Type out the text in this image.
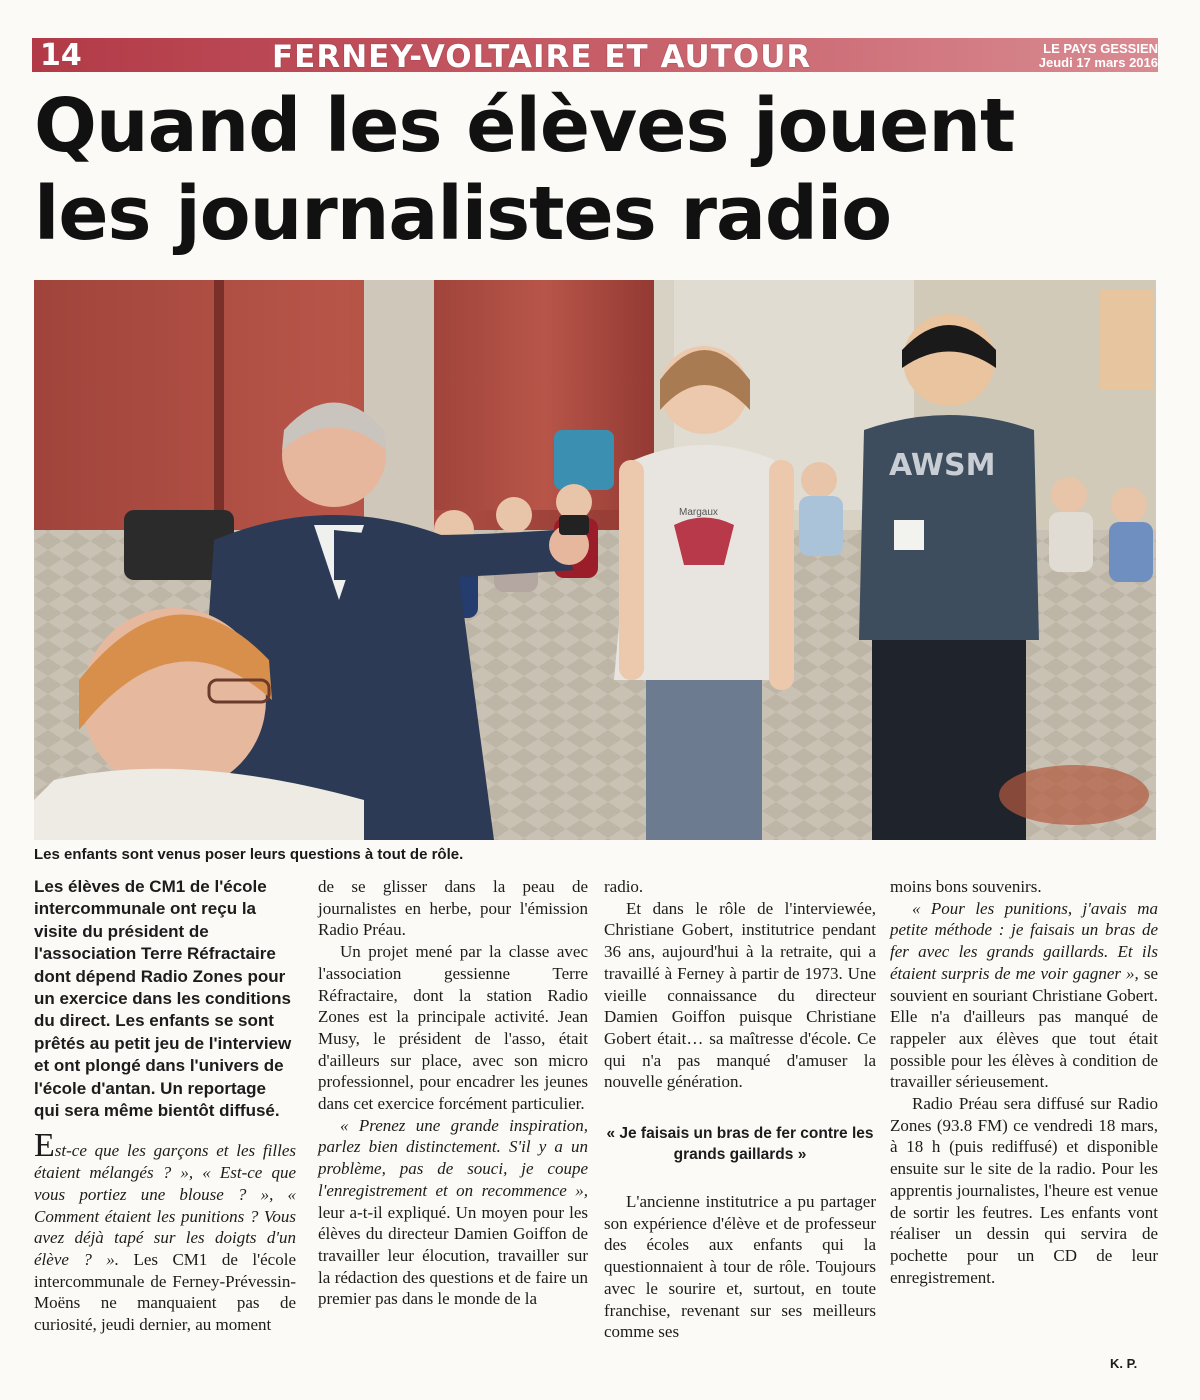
14	FERNEY-VOLTAIRE ET AUTOUR	LE PAYS GESSIEN
Jeudi 17 mars 2016
Quand les élèves jouent
les journalistes radio
Margaux
AWSM
Les enfants sont venus poser leurs questions à tout de rôle.

Les élèves de CM1 de l'école intercommunale ont reçu la visite du président de l'association Terre Réfractaire dont dépend Radio Zones pour un exercice dans les conditions du direct. Les enfants se sont prêtés au petit jeu de l'interview et ont plongé dans l'univers de l'école d'antan. Un reportage qui sera même bientôt diffusé.

Est-ce que les garçons et les filles étaient mélangés ? », « Est-ce que vous portiez une blouse ? », « Comment étaient les punitions ? Vous avez déjà tapé sur les doigts d'un élève ? ». Les CM1 de l'école intercommunale de Ferney-Prévessin-Moëns ne manquaient pas de curiosité, jeudi dernier, au moment

de se glisser dans la peau de journalistes en herbe, pour l'émission Radio Préau.

Un projet mené par la classe avec l'association gessienne Terre Réfractaire, dont la station Radio Zones est la principale activité. Jean Musy, le président de l'asso, était d'ailleurs sur place, avec son micro professionnel, pour encadrer les jeunes dans cet exercice forcément particulier.

« Prenez une grande inspiration, parlez bien distinctement. S'il y a un problème, pas de souci, je coupe l'enregistrement et on recommence », leur a-t-il expliqué. Un moyen pour les élèves du directeur Damien Goiffon de travailler leur élocution, travailler sur la rédaction des questions et de faire un premier pas dans le monde de la

radio.

Et dans le rôle de l'interviewée, Christiane Gobert, institutrice pendant 36 ans, aujourd'hui à la retraite, qui a travaillé à Ferney à partir de 1973. Une vieille connaissance du directeur Damien Goiffon puisque Christiane Gobert était… sa maîtresse d'école. Ce qui n'a pas manqué d'amuser la nouvelle génération.

« Je faisais un bras de fer contre les grands gaillards »

L'ancienne institutrice a pu partager son expérience d'élève et de professeur des écoles aux enfants qui la questionnaient à tour de rôle. Toujours avec le sourire et, surtout, en toute franchise, revenant sur ses meilleurs comme ses

moins bons souvenirs.

« Pour les punitions, j'avais ma petite méthode : je faisais un bras de fer avec les grands gaillards. Et ils étaient surpris de me voir gagner », se souvient en souriant Christiane Gobert. Elle n'a d'ailleurs pas manqué de rappeler aux élèves que tout était possible pour les élèves à condition de travailler sérieusement.

Radio Préau sera diffusé sur Radio Zones (93.8 FM) ce vendredi 18 mars, à 18 h (puis rediffusé) et disponible ensuite sur le site de la radio. Pour les apprentis journalistes, l'heure est venue de sortir les feutres. Les enfants vont réaliser un dessin qui servira de pochette pour un CD de leur enregistrement.

K. P.
